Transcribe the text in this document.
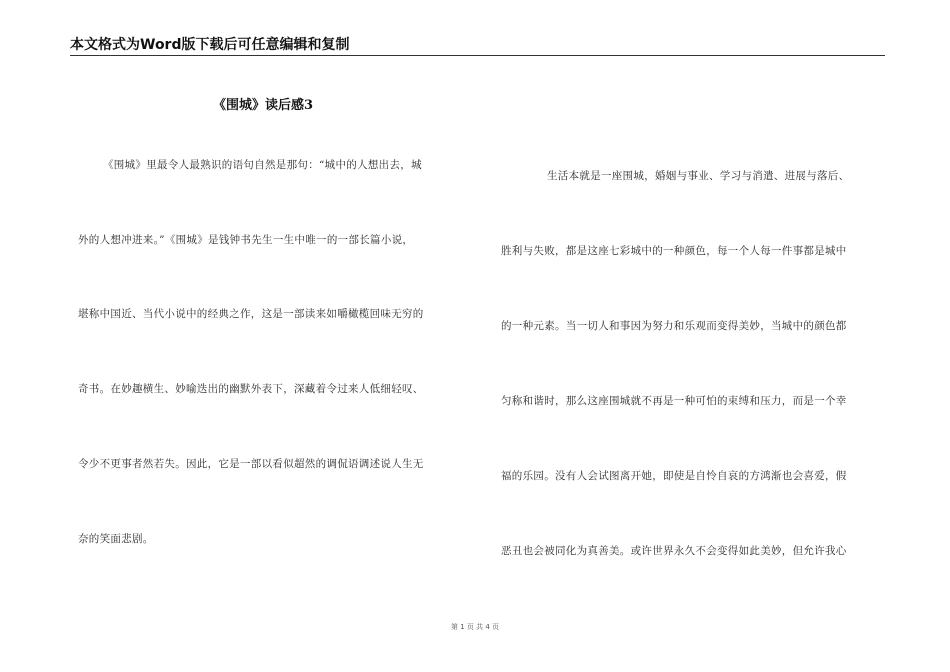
本文格式为Word版下载后可任意编辑和复制
《围城》读后感3
《围城》里最令人最熟识的语句自然是那句：“城中的人想出去，城
外的人想冲进来。”《围城》是钱钟书先生一生中唯一的一部长篇小说，
堪称中国近、当代小说中的经典之作，这是一部读来如嚼橄榄回味无穷的
奇书。在妙趣横生、妙喻迭出的幽默外表下，深藏着令过来人低细轻叹、
令少不更事者然若失。因此，它是一部以看似超然的调侃语调述说人生无
奈的笑面悲剧。
生活本就是一座围城，婚姻与事业、学习与消遣、进展与落后、
胜利与失败，都是这座七彩城中的一种颜色，每一个人每一件事都是城中
的一种元素。当一切人和事因为努力和乐观而变得美妙，当城中的颜色都
匀称和谐时，那么这座围城就不再是一种可怕的束缚和压力，而是一个幸
福的乐园。没有人会试图离开她，即使是自怜自哀的方鸿渐也会喜爱，假
恶丑也会被同化为真善美。或许世界永久不会变得如此美妙，但允许我心
第 1 页 共 4 页
